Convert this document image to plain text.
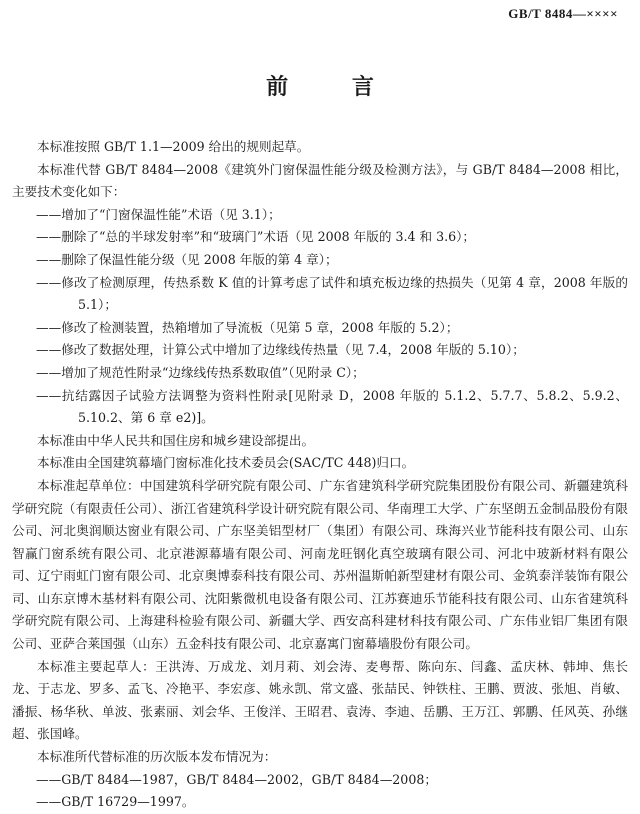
GB/T 8484—××××
前 言

本标准按照 GB/T 1.1—2009 给出的规则起草。

本标准代替 GB/T 8484—2008《建筑外门窗保温性能分级及检测方法》，与 GB/T 8484—2008 相比，主要技术变化如下：

——增加了“门窗保温性能”术语（见 3.1）；

——删除了“总的半球发射率”和“玻璃门”术语（见 2008 年版的 3.4 和 3.6）；

——删除了保温性能分级（见 2008 年版的第 4 章）；

——修改了检测原理，传热系数 K 值的计算考虑了试件和填充板边缘的热损失（见第 4 章，2008 年版的 5.1）；

——修改了检测装置，热箱增加了导流板（见第 5 章，2008 年版的 5.2）；

——修改了数据处理，计算公式中增加了边缘线传热量（见 7.4，2008 年版的 5.10）；

——增加了规范性附录“边缘线传热系数取值”（见附录 C）；

——抗结露因子试验方法调整为资料性附录[见附录 D，2008 年版的 5.1.2、5.7.7、5.8.2、5.9.2、5.10.2、第 6 章 e2)]。

本标准由中华人民共和国住房和城乡建设部提出。

本标准由全国建筑幕墙门窗标准化技术委员会(SAC/TC 448)归口。

本标准起草单位：中国建筑科学研究院有限公司、广东省建筑科学研究院集团股份有限公司、新疆建筑科学研究院（有限责任公司）、浙江省建筑科学设计研究院有限公司、华南理工大学、广东坚朗五金制品股份有限公司、河北奥润顺达窗业有限公司、广东坚美铝型材厂（集团）有限公司、珠海兴业节能科技有限公司、山东智赢门窗系统有限公司、北京港源幕墙有限公司、河南龙旺钢化真空玻璃有限公司、河北中玻新材料有限公司、辽宁雨虹门窗有限公司、北京奥博泰科技有限公司、苏州温斯帕新型建材有限公司、金筑泰洋装饰有限公司、山东京博木基材料有限公司、沈阳紫微机电设备有限公司、江苏赛迪乐节能科技有限公司、山东省建筑科学研究院有限公司、上海建科检验有限公司、新疆大学、西安高科建材科技有限公司、广东伟业铝厂集团有限公司、亚萨合莱国强（山东）五金科技有限公司、北京嘉寓门窗幕墙股份有限公司。

本标准主要起草人：王洪涛、万成龙、刘月莉、刘会涛、麦粤帮、陈向东、闫鑫、孟庆林、韩坤、焦长龙、于志龙、罗多、孟飞、冷艳平、李宏彦、姚永凯、常文盛、张喆民、钟铁柱、王鹏、贾波、张旭、肖敏、潘振、杨华秋、单波、张素丽、刘会华、王俊洋、王昭君、袁涛、李迪、岳鹏、王万江、郭鹏、任风英、孙继超、张国峰。

本标准所代替标准的历次版本发布情况为：

——GB/T 8484—1987，GB/T 8484—2002，GB/T 8484—2008；

——GB/T 16729—1997。
